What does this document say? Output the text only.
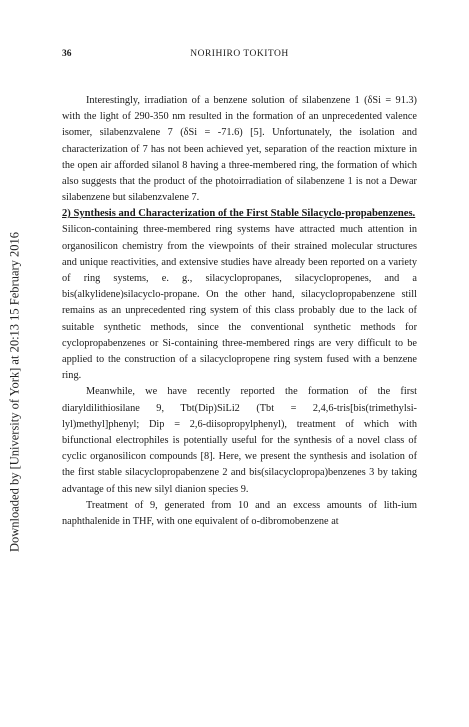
Downloaded by [University of York] at 20:13 15 February 2016
36	NORIHIRO TOKITOH

Interestingly, irradiation of a benzene solution of silabenzene 1 (δSi = 91.3) with the light of 290-350 nm resulted in the formation of an unprecedented valence isomer, silabenzvalene 7 (δSi = -71.6) [5]. Unfortunately, the isolation and characterization of 7 has not been achieved yet, separation of the reaction mixture in the open air afforded silanol 8 having a three-membered ring, the formation of which also suggests that the product of the photoirradiation of silabenzene 1 is not a Dewar silabenzene but silabenzvalene 7.

2) Synthesis and Characterization of the First Stable Silacyclo-propabenzenes.

Silicon-containing three-membered ring systems have attracted much attention in organosilicon chemistry from the viewpoints of their strained molecular structures and unique reactivities, and extensive studies have already been reported on a variety of ring systems, e. g., silacyclopropanes, silacyclopropenes, and a bis(alkylidene)silacyclo-propane. On the other hand, silacyclopropabenzene still remains as an unprecedented ring system of this class probably due to the lack of suitable synthetic methods, since the conventional synthetic methods for cyclopropabenzenes or Si-containing three-membered rings are very difficult to be applied to the construction of a silacyclopropene ring system fused with a benzene ring.

Meanwhile, we have recently reported the formation of the first diaryldilithiosilane 9, Tbt(Dip)SiLi2 (Tbt = 2,4,6-tris[bis(trimethylsi-lyl)methyl]phenyl; Dip = 2,6-diisopropylphenyl), treatment of which with bifunctional electrophiles is potentially useful for the synthesis of a novel class of cyclic organosilicon compounds [8]. Here, we present the synthesis and isolation of the first stable silacyclopropabenzene 2 and bis(silacyclopropa)benzenes 3 by taking advantage of this new silyl dianion species 9.

Treatment of 9, generated from 10 and an excess amounts of lith-ium naphthalenide in THF, with one equivalent of o-dibromobenzene at
